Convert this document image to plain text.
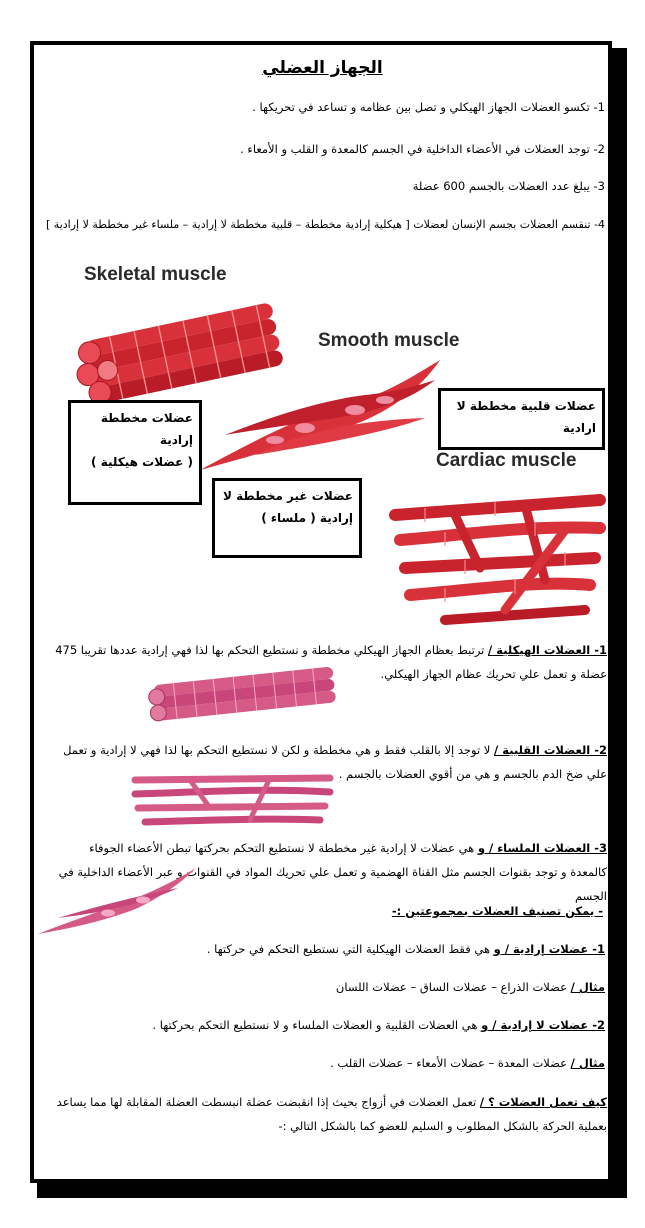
الجهاز العضلي
1- تكسو العضلات الجهاز الهيكلي و تصل بين عظامه و تساعد في تحريكها .
2- توجد العضلات في الأعضاء الداخلية في الجسم كالمعدة و القلب و الأمعاء .
3- يبلغ عدد العضلات بالجسم 600 عضلة
4- تنقسم العضلات بجسم الإنسان لعضلات [ هيكلية إرادية مخططة – قلبية مخططة لا إرادية – ملساء غير مخططة لا إرادية ]
Skeletal muscle
Smooth muscle
Cardiac muscle
عضلات مخططة إرادية
( عضلات هيكلية )
عضلات قلبية مخططة لا ارادية
عضلات غير مخططة لا
إرادية ( ملساء )
1- العضلات الهيكلية / ترتبط بعظام الجهاز الهيكلي مخططة و نستطيع التحكم بها لذا فهي إرادية عددها تقريبا 475 عضلة و تعمل علي تحريك عظام الجهاز الهيكلي.
2- العضلات القلبية / لا توجد إلا بالقلب فقط و هي مخططة و لكن لا نستطيع التحكم بها لذا فهي لا إرادية و تعمل علي ضخ الدم بالجسم و هي من أقوي العضلات بالجسم .
3- العضلات الملساء / و هي عضلات لا إرادية غير مخططة لا نستطيع التحكم بحركتها تبطن الأعضاء الجوفاء كالمعدة و توجد بقنوات الجسم مثل القناة الهضمية و تعمل علي تحريك المواد في القنوات و عبر الأعضاء الداخلية في الجسم
- يمكن تصنيف العضلات بمجموعتين :-
1- عضلات إرادية / و هي فقط العضلات الهيكلية التي نستطيع التحكم في حركتها .
مثال / عضلات الذراع – عضلات الساق – عضلات اللسان
2- عضلات لا إرادية / و هي العضلات القلبية و العضلات الملساء و لا نستطيع التحكم بحركتها .
مثال / عضلات المعدة – عضلات الأمعاء – عضلات القلب .
كيف تعمل العضلات ؟ / تعمل العضلات في أزواج بحيث إذا انقبضت عضلة انبسطت العضلة المقابلة لها مما يساعد بعملية الحركة بالشكل المطلوب و السليم للعضو كما بالشكل التالي :-
